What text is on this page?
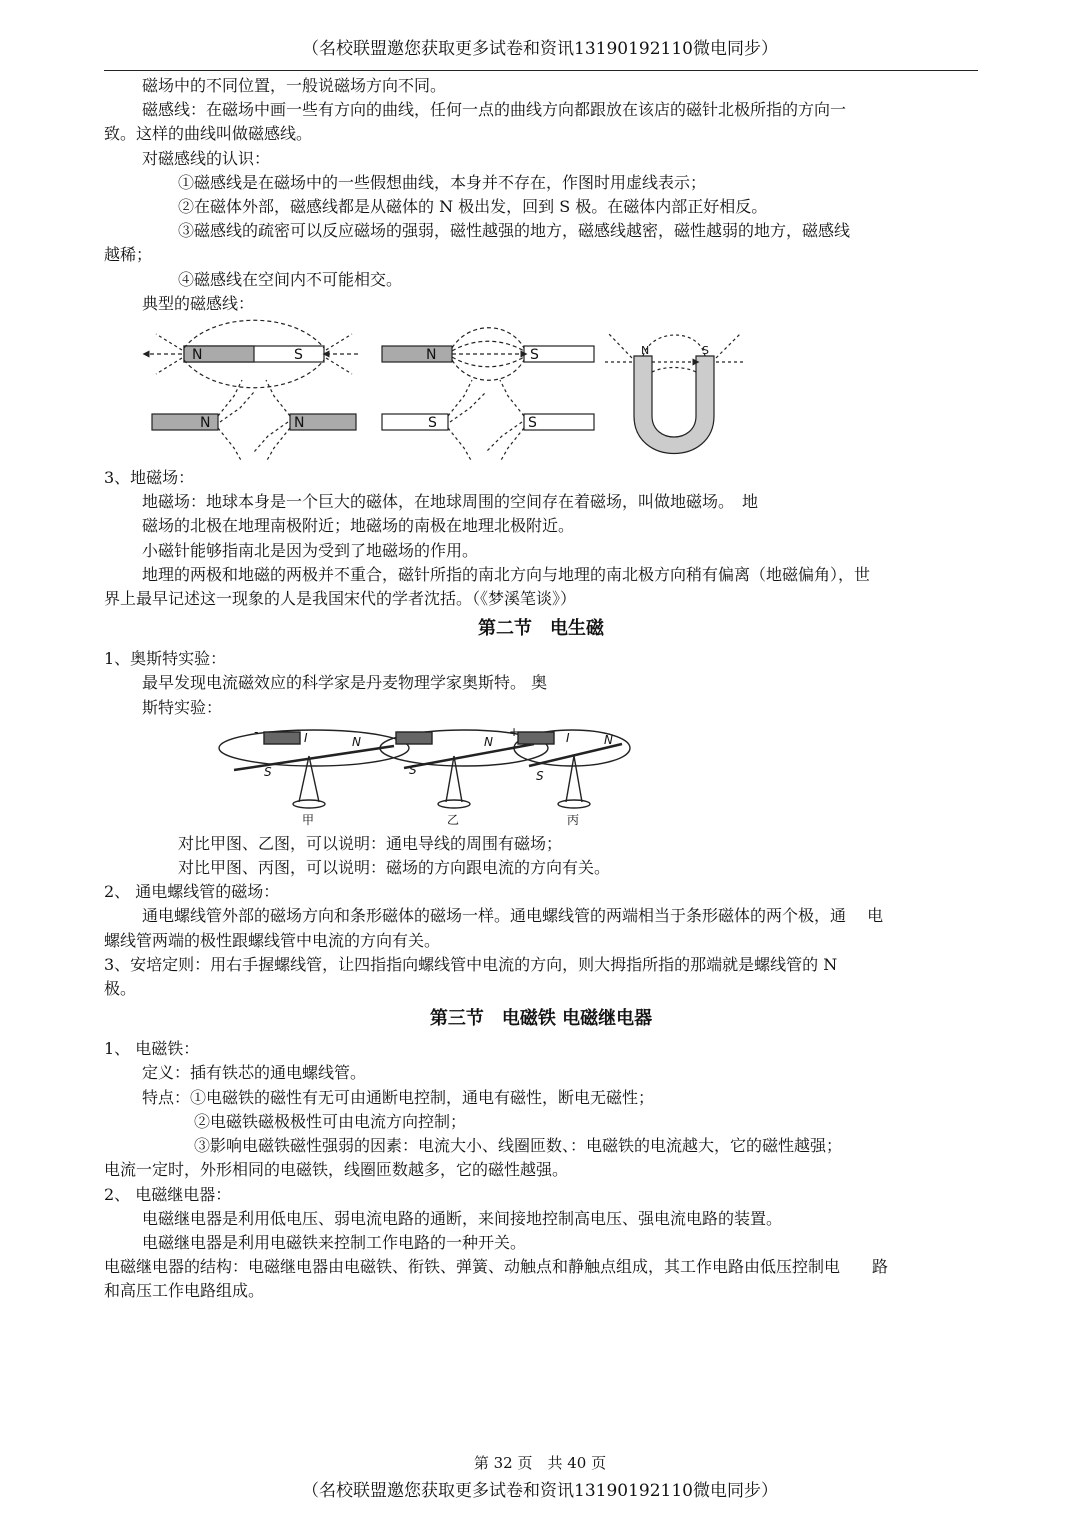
（名校联盟邀您获取更多试卷和资讯13190192110微电同步）

磁场中的不同位置，一般说磁场方向不同。

磁感线：在磁场中画一些有方向的曲线，任何一点的曲线方向都跟放在该店的磁针北极所指的方向一

致。这样的曲线叫做磁感线。

对磁感线的认识：

①磁感线是在磁场中的一些假想曲线，本身并不存在，作图时用虚线表示；

②在磁体外部，磁感线都是从磁体的 N 极出发，回到 S 极。在磁体内部正好相反。

③磁感线的疏密可以反应磁场的强弱，磁性越强的地方，磁感线越密，磁性越弱的地方，磁感线

越稀；

④磁感线在空间内不可能相交。

典型的磁感线：

N	S	N	S
N	N	S	S
N	S

3、地磁场：

地磁场：地球本身是一个巨大的磁体，在地球周围的空间存在着磁场，叫做地磁场。　地

磁场的北极在地理南极附近；地磁场的南极在地理北极附近。

小磁针能够指南北是因为受到了地磁场的作用。

地理的两极和地磁的两极并不重合，磁针所指的南北方向与地理的南北极方向稍有偏离（地磁偏角），世

界上最早记述这一现象的人是我国宋代的学者沈括。（《梦溪笔谈》）

第二节　电生磁

1、奥斯特实验：

最早发现电流磁效应的科学家是丹麦物理学家奥斯特。 奥

斯特实验：

-	I	N
S
N
S
+	I	N
S
甲	乙	丙

对比甲图、乙图，可以说明：通电导线的周围有磁场；

对比甲图、丙图，可以说明：磁场的方向跟电流的方向有关。

2、 通电螺线管的磁场：

通电螺线管外部的磁场方向和条形磁体的磁场一样。通电螺线管的两端相当于条形磁体的两个极，通　 电

螺线管两端的极性跟螺线管中电流的方向有关。

3、安培定则：用右手握螺线管，让四指指向螺线管中电流的方向，则大拇指所指的那端就是螺线管的 N

极。

第三节　电磁铁 电磁继电器

1、 电磁铁：

定义：插有铁芯的通电螺线管。

特点：①电磁铁的磁性有无可由通断电控制，通电有磁性，断电无磁性；

②电磁铁磁极极性可由电流方向控制；

③影响电磁铁磁性强弱的因素：电流大小、线圈匝数、：电磁铁的电流越大，它的磁性越强；

电流一定时，外形相同的电磁铁，线圈匝数越多，它的磁性越强。

2、 电磁继电器：

电磁继电器是利用低电压、弱电流电路的通断，来间接地控制高电压、强电流电路的装置。

电磁继电器是利用电磁铁来控制工作电路的一种开关。

电磁继电器的结构：电磁继电器由电磁铁、衔铁、弹簧、动触点和静触点组成，其工作电路由低压控制电　　路

和高压工作电路组成。

第 32 页　共 40 页
（名校联盟邀您获取更多试卷和资讯13190192110微电同步）
